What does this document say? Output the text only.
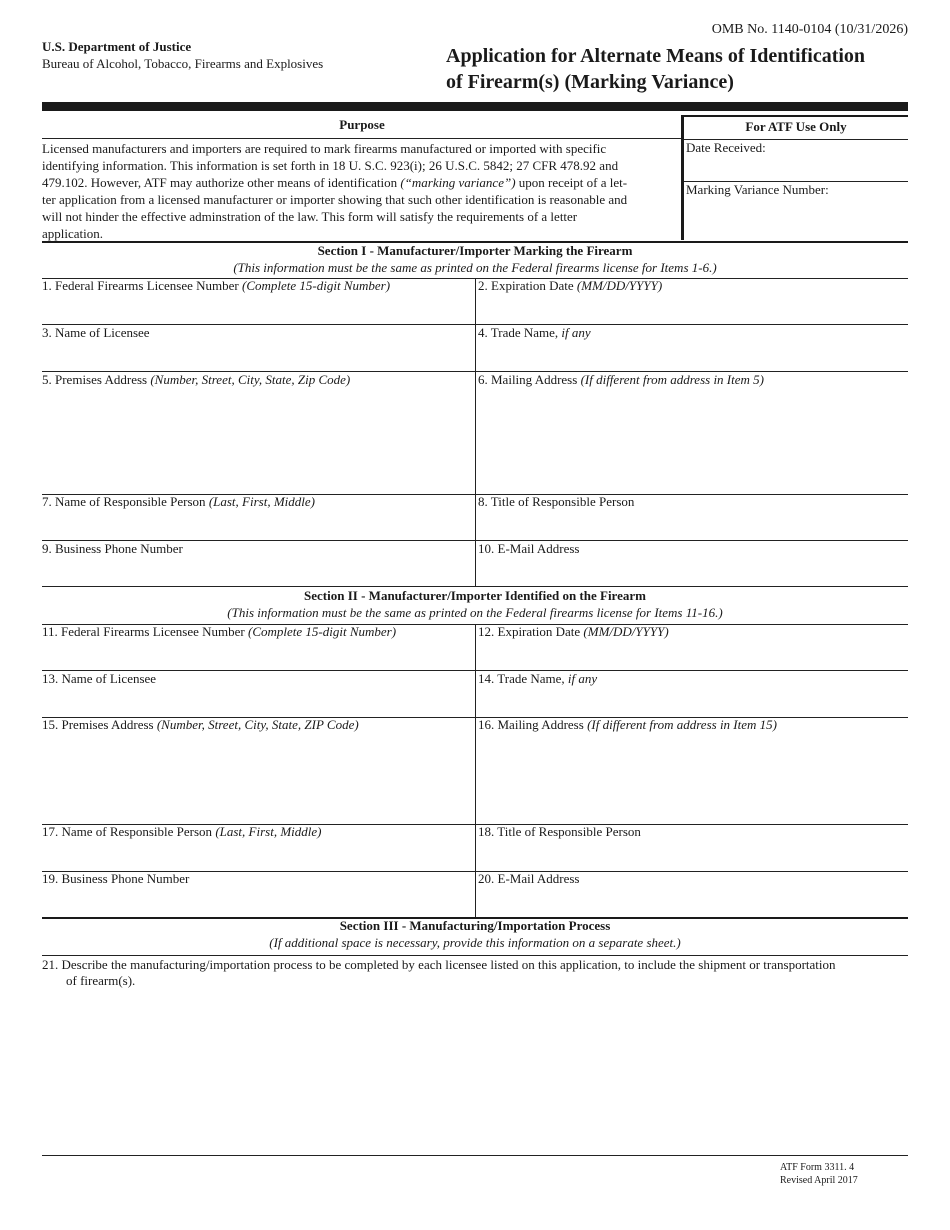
OMB No. 1140-0104 (10/31/2026)
U.S. Department of Justice
Bureau of Alcohol, Tobacco, Firearms and Explosives	Application for Alternate Means of Identification
of Firearm(s) (Marking Variance)
Purpose
Licensed manufacturers and importers are required to mark firearms manufactured or imported with specific
identifying information. This information is set forth in 18 U. S.C. 923(i); 26 U.S.C. 5842; 27 CFR 478.92 and
479.102. However, ATF may authorize other means of identification (“marking variance”) upon receipt of a let-
ter application from a licensed manufacturer or importer showing that such other identification is reasonable and
will not hinder the effective adminstration of the law. This form will satisfy the requirements of a letter
application.
For ATF Use Only
Date Received:
Marking Variance Number:
Section I - Manufacturer/Importer Marking the Firearm
(This information must be the same as printed on the Federal firearms license for Items 1-6.)
1. Federal Firearms Licensee Number (Complete 15-digit Number)	2. Expiration Date (MM/DD/YYYY)
3. Name of Licensee	4. Trade Name, if any
5. Premises Address (Number, Street, City, State, Zip Code)	6. Mailing Address (If different from address in Item 5)
7. Name of Responsible Person (Last, First, Middle)	8. Title of Responsible Person
9. Business Phone Number	10. E-Mail Address
Section II - Manufacturer/Importer Identified on the Firearm
(This information must be the same as printed on the Federal firearms license for Items 11-16.)
11. Federal Firearms Licensee Number (Complete 15-digit Number)	12. Expiration Date (MM/DD/YYYY)
13. Name of Licensee	14. Trade Name, if any
15. Premises Address (Number, Street, City, State, ZIP Code)	16. Mailing Address (If different from address in Item 15)
17. Name of Responsible Person (Last, First, Middle)	18. Title of Responsible Person
19. Business Phone Number	20. E-Mail Address
Section III - Manufacturing/Importation Process
(If additional space is necessary, provide this information on a separate sheet.)
21. Describe the manufacturing/importation process to be completed by each licensee listed on this application, to include the shipment or transportation
of firearm(s).
ATF Form 3311. 4
Revised April 2017
